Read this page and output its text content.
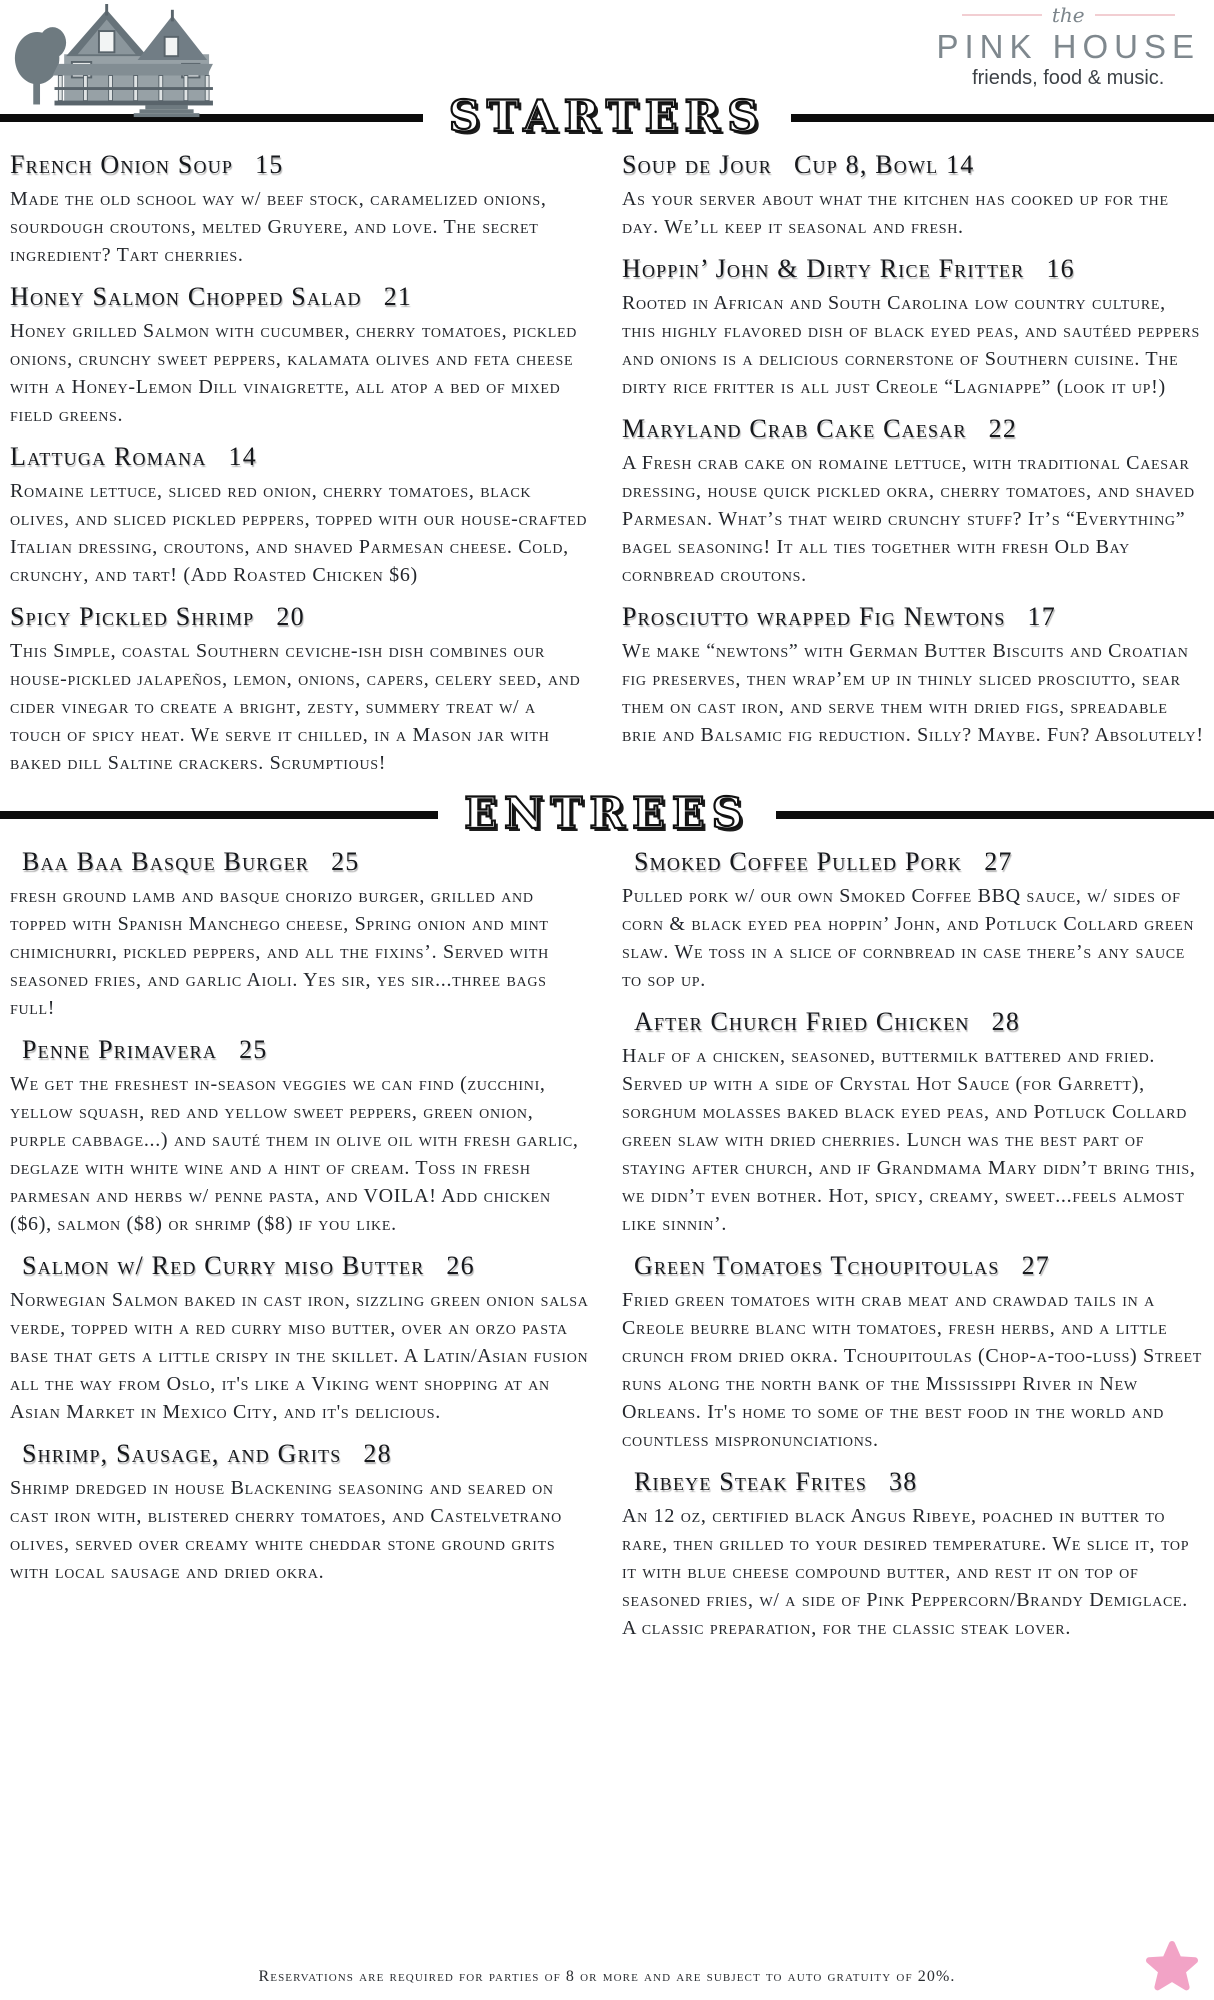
the
PINK HOUSE
friends, food & music.
STARTERS
French Onion Soup 15

Made the old school way w/ beef stock, caramelized onions, sourdough croutons, melted Gruyere, and love. The secret ingredient? Tart cherries.

Honey Salmon Chopped Salad 21

Honey grilled Salmon with cucumber, cherry tomatoes, pickled onions, crunchy sweet peppers, kalamata olives and feta cheese with a Honey-Lemon Dill vinaigrette, all atop a bed of mixed field greens.

Lattuga Romana 14

Romaine lettuce, sliced red onion, cherry tomatoes, black olives, and sliced pickled peppers, topped with our house-crafted Italian dressing, croutons, and shaved Parmesan cheese. Cold, crunchy, and tart! (Add Roasted Chicken $6)

Spicy Pickled Shrimp 20

This Simple, coastal Southern ceviche-ish dish combines our house-pickled jalapeños, lemon, onions, capers, celery seed, and cider vinegar to create a bright, zesty, summery treat w/ a touch of spicy heat. We serve it chilled, in a Mason jar with baked dill Saltine crackers. Scrumptious!

Soup de Jour Cup 8, Bowl 14

As your server about what the kitchen has cooked up for the day. We’ll keep it seasonal and fresh.

Hoppin’ John & Dirty Rice Fritter 16

Rooted in African and South Carolina low country culture, this highly flavored dish of black eyed peas, and sautéed peppers and onions is a delicious cornerstone of Southern cuisine. The dirty rice fritter is all just Creole “Lagniappe” (look it up!)

Maryland Crab Cake Caesar 22

A Fresh crab cake on romaine lettuce, with traditional Caesar dressing, house quick pickled okra, cherry tomatoes, and shaved Parmesan. What’s that weird crunchy stuff? It’s “Everything” bagel seasoning! It all ties together with fresh Old Bay cornbread croutons.

Prosciutto wrapped Fig Newtons 17

We make “newtons” with German Butter Biscuits and Croatian fig preserves, then wrap’em up in thinly sliced prosciutto, sear them on cast iron, and serve them with dried figs, spreadable brie and Balsamic fig reduction. Silly? Maybe. Fun? Absolutely!

ENTREES
Baa Baa Basque Burger 25

fresh ground lamb and basque chorizo burger, grilled and topped with Spanish Manchego cheese, Spring onion and mint chimichurri, pickled peppers, and all the fixins’. Served with seasoned fries, and garlic Aioli. Yes sir, yes sir...three bags full!

Penne Primavera 25

We get the freshest in-season veggies we can find (zucchini, yellow squash, red and yellow sweet peppers, green onion, purple cabbage...) and sauté them in olive oil with fresh garlic, deglaze with white wine and a hint of cream. Toss in fresh parmesan and herbs w/ penne pasta, and VOILA! Add chicken ($6), salmon ($8) or shrimp ($8) if you like.

Salmon w/ Red Curry miso Butter 26

Norwegian Salmon baked in cast iron, sizzling green onion salsa verde, topped with a red curry miso butter, over an orzo pasta base that gets a little crispy in the skillet. A Latin/Asian fusion all the way from Oslo, it's like a Viking went shopping at an Asian Market in Mexico City, and it's delicious.

Shrimp, Sausage, and Grits 28

Shrimp dredged in house Blackening seasoning and seared on cast iron with, blistered cherry tomatoes, and Castelvetrano olives, served over creamy white cheddar stone ground grits with local sausage and dried okra.

Smoked Coffee Pulled Pork 27

Pulled pork w/ our own Smoked Coffee BBQ sauce, w/ sides of corn & black eyed pea hoppin’ John, and Potluck Collard green slaw. We toss in a slice of cornbread in case there’s any sauce to sop up.

After Church Fried Chicken 28

Half of a chicken, seasoned, buttermilk battered and fried. Served up with a side of Crystal Hot Sauce (for Garrett), sorghum molasses baked black eyed peas, and Potluck Collard green slaw with dried cherries. Lunch was the best part of staying after church, and if Grandmama Mary didn’t bring this, we didn’t even bother. Hot, spicy, creamy, sweet...feels almost like sinnin’.

Green Tomatoes Tchoupitoulas 27

Fried green tomatoes with crab meat and crawdad tails in a Creole beurre blanc with tomatoes, fresh herbs, and a little crunch from dried okra. Tchoupitoulas (Chop-a-too-luss) Street runs along the north bank of the Mississippi River in New Orleans. It's home to some of the best food in the world and countless mispronunciations.

Ribeye Steak Frites 38

An 12 oz, certified black Angus Ribeye, poached in butter to rare, then grilled to your desired temperature. We slice it, top it with blue cheese compound butter, and rest it on top of seasoned fries, w/ a side of Pink Peppercorn/Brandy Demiglace. A classic preparation, for the classic steak lover.

Reservations are required for parties of 8 or more and are subject to auto gratuity of 20%.
